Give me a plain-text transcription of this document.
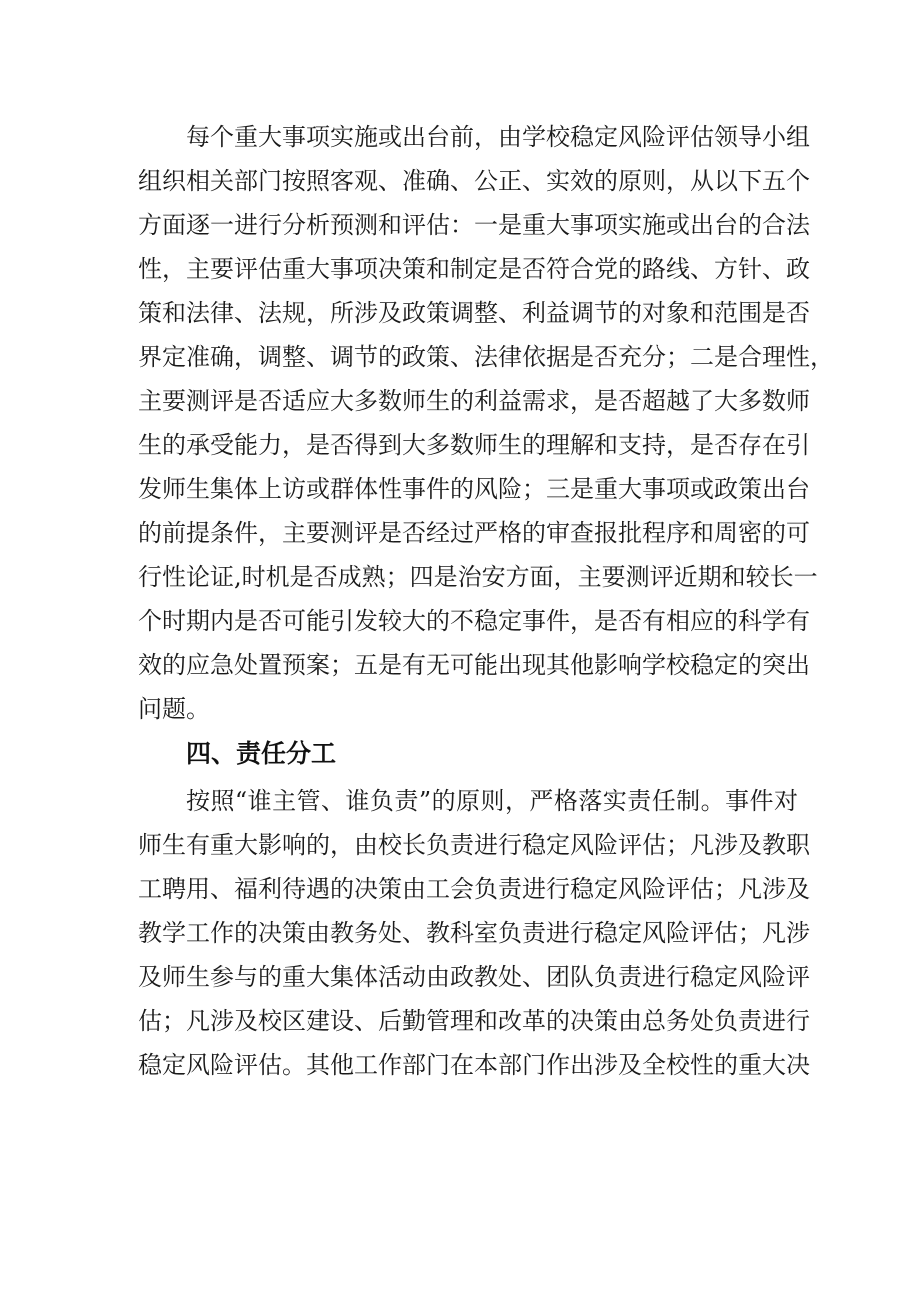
每个重大事项实施或出台前，由学校稳定风险评估领导小组
组织相关部门按照客观、准确、公正、实效的原则，从以下五个
方面逐一进行分析预测和评估：一是重大事项实施或出台的合法
性，主要评估重大事项决策和制定是否符合党的路线、方针、政
策和法律、法规，所涉及政策调整、利益调节的对象和范围是否
界定准确，调整、调节的政策、法律依据是否充分；二是合理性，
主要测评是否适应大多数师生的利益需求，是否超越了大多数师
生的承受能力，是否得到大多数师生的理解和支持，是否存在引
发师生集体上访或群体性事件的风险；三是重大事项或政策出台
的前提条件，主要测评是否经过严格的审查报批程序和周密的可
行性论证,时机是否成熟；四是治安方面，主要测评近期和较长一
个时期内是否可能引发较大的不稳定事件，是否有相应的科学有
效的应急处置预案；五是有无可能出现其他影响学校稳定的突出
问题。
四、责任分工
按照“谁主管、谁负责”的原则，严格落实责任制。事件对
师生有重大影响的，由校长负责进行稳定风险评估；凡涉及教职
工聘用、福利待遇的决策由工会负责进行稳定风险评估；凡涉及
教学工作的决策由教务处、教科室负责进行稳定风险评估；凡涉
及师生参与的重大集体活动由政教处、团队负责进行稳定风险评
估；凡涉及校区建设、后勤管理和改革的决策由总务处负责进行
稳定风险评估。其他工作部门在本部门作出涉及全校性的重大决
